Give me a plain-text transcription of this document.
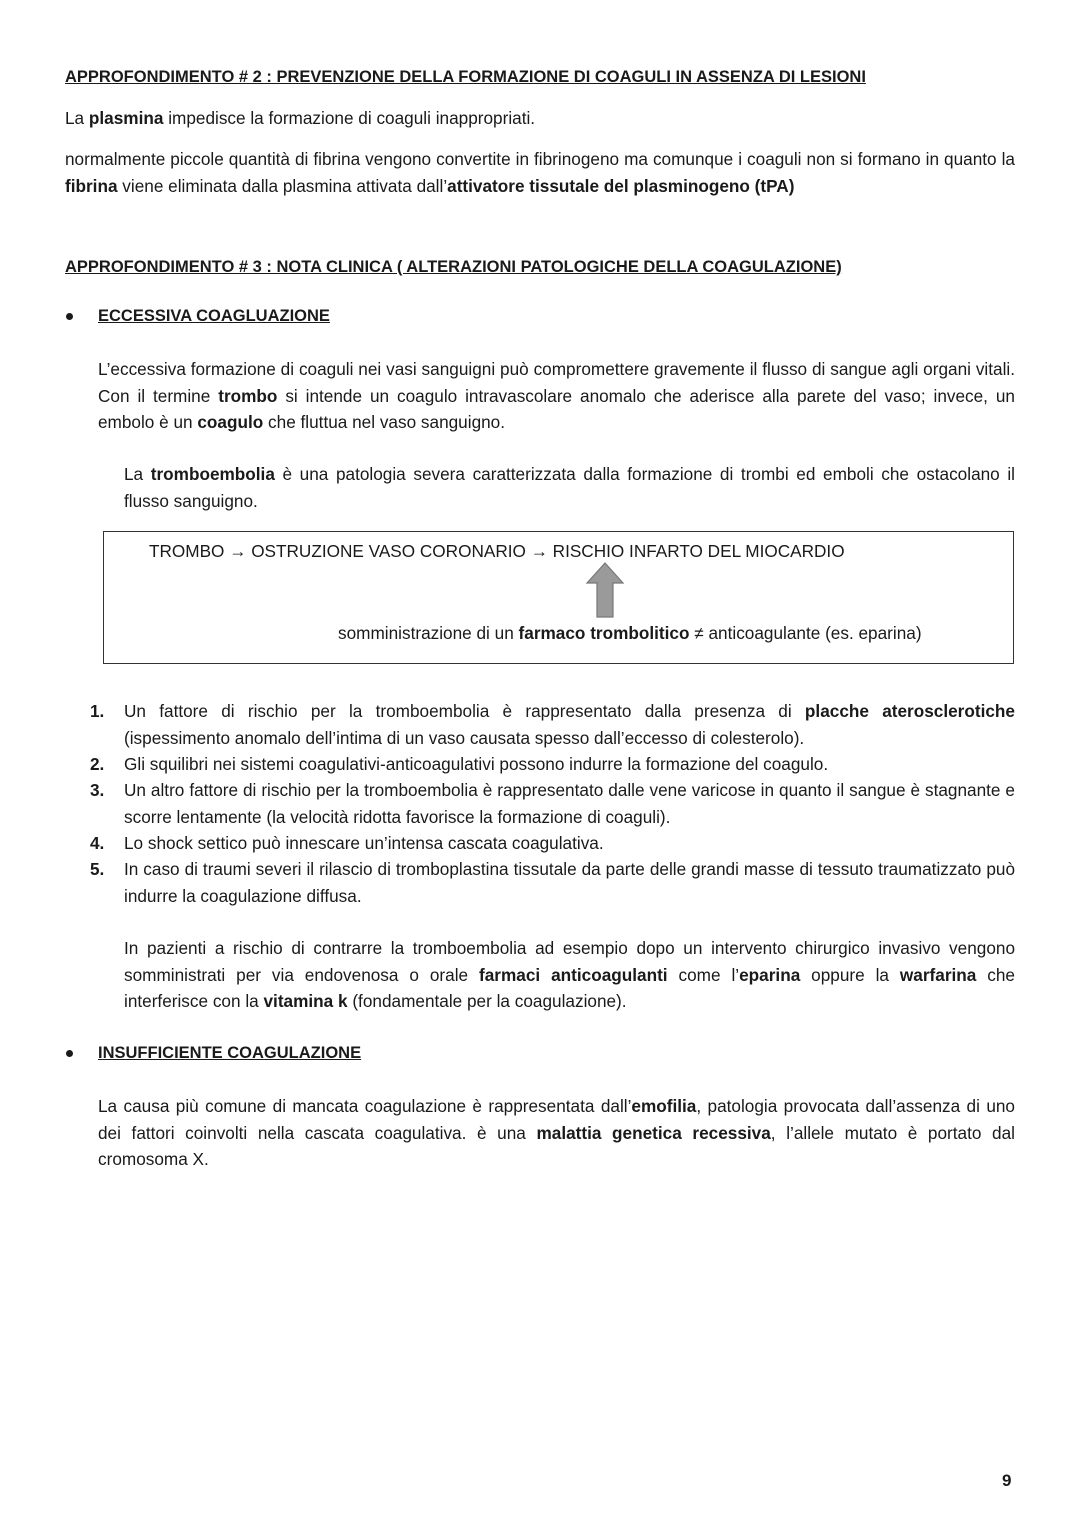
APPROFONDIMENTO # 2 : PREVENZIONE DELLA FORMAZIONE DI COAGULI IN ASSENZA DI LESIONI
La plasmina impedisce la formazione di coaguli inappropriati.
normalmente piccole quantità di fibrina vengono convertite in fibrinogeno ma comunque i coaguli non si formano in quanto la fibrina viene eliminata dalla plasmina attivata dall’attivatore tissutale del plasminogeno (tPA)
APPROFONDIMENTO # 3 : NOTA CLINICA ( ALTERAZIONI PATOLOGICHE DELLA COAGULAZIONE)
ECCESSIVA COAGLUAZIONE
L’eccessiva formazione di coaguli nei vasi sanguigni può compromettere gravemente il flusso di sangue agli organi vitali. Con il termine trombo si intende un coagulo intravascolare anomalo che aderisce alla parete del vaso; invece, un embolo è un coagulo che fluttua nel vaso sanguigno.
La tromboembolia è una patologia severa caratterizzata dalla formazione di trombi ed emboli che ostacolano il flusso sanguigno.
TROMBO → OSTRUZIONE VASO CORONARIO → RISCHIO INFARTO DEL MIOCARDIO
somministrazione di un farmaco trombolitico ≠ anticoagulante (es. eparina)
1. Un fattore di rischio per la tromboembolia è rappresentato dalla presenza di placche aterosclerotiche (ispessimento anomalo dell’intima di un vaso causata spesso dall’eccesso di colesterolo).
2. Gli squilibri nei sistemi coagulativi-anticoagulativi possono indurre la formazione del coagulo.
3. Un altro fattore di rischio per la tromboembolia è rappresentato dalle vene varicose in quanto il sangue è stagnante e scorre lentamente (la velocità ridotta favorisce la formazione di coaguli).
4. Lo shock settico può innescare un’intensa cascata coagulativa.
5. In caso di traumi severi il rilascio di tromboplastina tissutale da parte delle grandi masse di tessuto traumatizzato può indurre la coagulazione diffusa.
In pazienti a rischio di contrarre la tromboembolia ad esempio dopo un intervento chirurgico invasivo vengono somministrati per via endovenosa o orale farmaci anticoagulanti come l’eparina oppure la warfarina che interferisce con la vitamina k (fondamentale per la coagulazione).
INSUFFICIENTE COAGULAZIONE
La causa più comune di mancata coagulazione è rappresentata dall’emofilia, patologia provocata dall’assenza di uno dei fattori coinvolti nella cascata coagulativa. è una malattia genetica recessiva, l’allele mutato è portato dal cromosoma X.
9
